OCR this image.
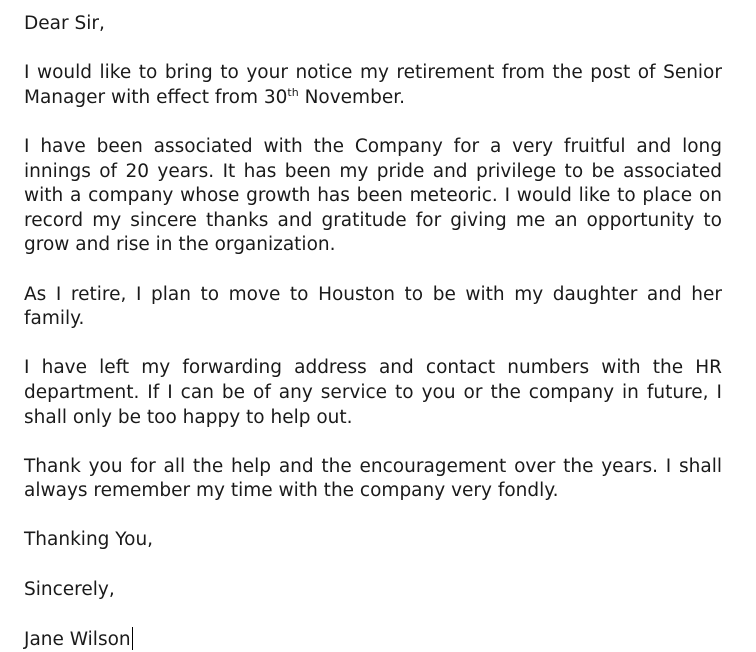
Dear Sir,

I would like to bring to your notice my retirement from the post of Senior Manager with effect from 30th November.

I have been associated with the Company for a very fruitful and long innings of 20 years. It has been my pride and privilege to be associated with a company whose growth has been meteoric. I would like to place on record my sincere thanks and gratitude for giving me an opportunity to grow and rise in the organization.

As I retire, I plan to move to Houston to be with my daughter and her family.

I have left my forwarding address and contact numbers with the HR department. If I can be of any service to you or the company in future, I shall only be too happy to help out.

Thank you for all the help and the encouragement over the years. I shall always remember my time with the company very fondly.

Thanking You,

Sincerely,

Jane Wilson
